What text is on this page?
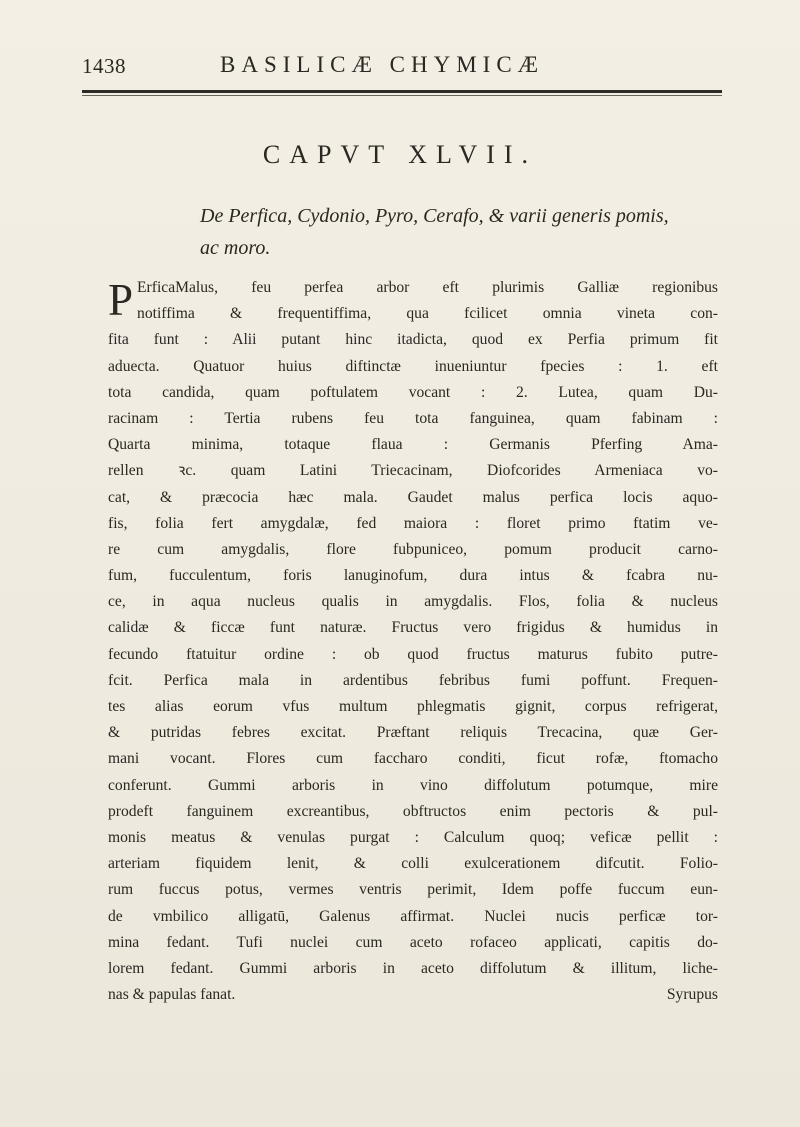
1438	BASILICÆ CHYMICÆ
CAPVT XLVII.
De Perfica, Cydonio, Pyro, Cerafo, & varii generis pomis, ac moro.
P ErficaMalus, feu perfea arbor eft plurimis Galliæ regionibus
notiffima & frequentiffima, qua fcilicet omnia vineta con-
fita funt : Alii putant hinc itadicta, quod ex Perfia primum fit
aduecta. Quatuor huius diftinctæ inueniuntur fpecies : 1. eft
tota candida, quam poftulatem vocant : 2. Lutea, quam Du-
racinam : Tertia rubens feu tota fanguinea, quam fabinam :
Quarta minima, totaque flaua : Germanis Pferfing Ama-
rellen ꝛc. quam Latini Triecacinam, Diofcorides Armeniaca vo-
cat, & præcocia hæc mala. Gaudet malus perfica locis aquo-
fis, folia fert amygdalæ, fed maiora : floret primo ftatim ve-
re cum amygdalis, flore fubpuniceo, pomum producit carno-
fum, fucculentum, foris lanuginofum, dura intus & fcabra nu-
ce, in aqua nucleus qualis in amygdalis. Flos, folia & nucleus
calidæ & ficcæ funt naturæ. Fructus vero frigidus & humidus in
fecundo ftatuitur ordine : ob quod fructus maturus fubito putre-
fcit. Perfica mala in ardentibus febribus fumi poffunt. Frequen-
tes alias eorum vfus multum phlegmatis gignit, corpus refrigerat,
& putridas febres excitat. Præftant reliquis Trecacina, quæ Ger-
mani vocant. Flores cum faccharo conditi, ficut rofæ, ftomacho
conferunt. Gummi arboris in vino diffolutum potumque, mire
prodeft fanguinem excreantibus, obftructos enim pectoris & pul-
monis meatus & venulas purgat : Calculum quoq; veficæ pellit :
arteriam fiquidem lenit, & colli exulcerationem difcutit. Folio-
rum fuccus potus, vermes ventris perimit, Idem poffe fuccum eun-
de vmbilico alligatū, Galenus affirmat. Nuclei nucis perficæ tor-
mina fedant. Tufi nuclei cum aceto rofaceo applicati, capitis do-
lorem fedant. Gummi arboris in aceto diffolutum & illitum, liche-
nas & papulas fanat.	Syrupus
